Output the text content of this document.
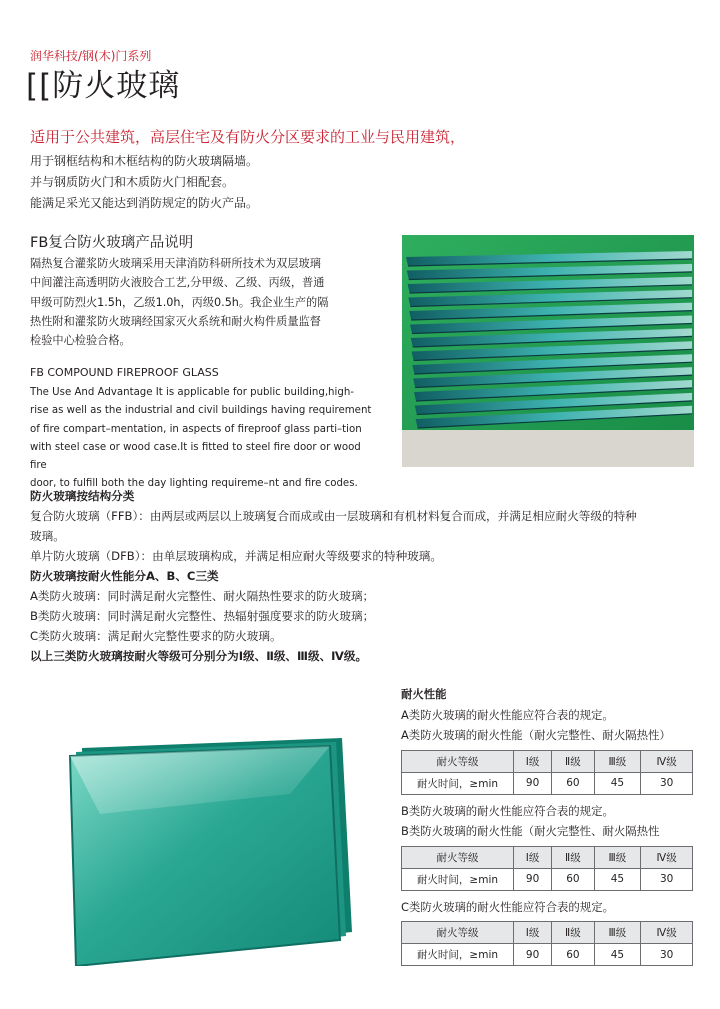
润华科技/钢(木)门系列
[[防火玻璃
适用于公共建筑，高层住宅及有防火分区要求的工业与民用建筑，
用于钢框结构和木框结构的防火玻璃隔墙。
并与钢质防火门和木质防火门相配套。
能满足采光又能达到消防规定的防火产品。
FB复合防火玻璃产品说明
隔热复合灌浆防火玻璃采用天津消防科研所技术为双层玻璃
中间灌注高透明防火液胶合工艺,分甲级、乙级、丙级，普通
甲级可防烈火1.5h，乙级1.0h，丙级0.5h。我企业生产的隔
热性附和灌浆防火玻璃经国家灭火系统和耐火构件质量监督
检验中心检验合格。
FB COMPOUND FIREPROOF GLASS
The Use And Advantage It is applicable for public building,high-
rise as well as the industrial and civil buildings having requirement
of fire compart–mentation, in aspects of fireproof glass parti–tion
with steel case or wood case.It is fitted to steel fire door or wood fire
door, to fulfill both the day lighting requireme–nt and fire codes.

防火玻璃按结构分类

复合防火玻璃（FFB）：由两层或两层以上玻璃复合而成或由一层玻璃和有机材料复合而成，并满足相应耐火等级的特种

玻璃。

单片防火玻璃（DFB）：由单层玻璃构成，并满足相应耐火等级要求的特种玻璃。

防火玻璃按耐火性能分A、B、C三类

A类防火玻璃：同时满足耐火完整性、耐火隔热性要求的防火玻璃；

B类防火玻璃：同时满足耐火完整性、热辐射强度要求的防火玻璃；

C类防火玻璃：满足耐火完整性要求的防火玻璃。

以上三类防火玻璃按耐火等级可分别分为Ⅰ级、Ⅱ级、Ⅲ级、Ⅳ级。

耐火性能
A类防火玻璃的耐火性能应符合表的规定。
A类防火玻璃的耐火性能（耐火完整性、耐火隔热性）
耐火等级	Ⅰ级	Ⅱ级	Ⅲ级	Ⅳ级
耐火时间，≥min	90	60	45	30
B类防火玻璃的耐火性能应符合表的规定。
B类防火玻璃的耐火性能（耐火完整性、耐火隔热性
耐火等级	Ⅰ级	Ⅱ级	Ⅲ级	Ⅳ级
耐火时间，≥min	90	60	45	30
C类防火玻璃的耐火性能应符合表的规定。
耐火等级	Ⅰ级	Ⅱ级	Ⅲ级	Ⅳ级
耐火时间，≥min	90	60	45	30
